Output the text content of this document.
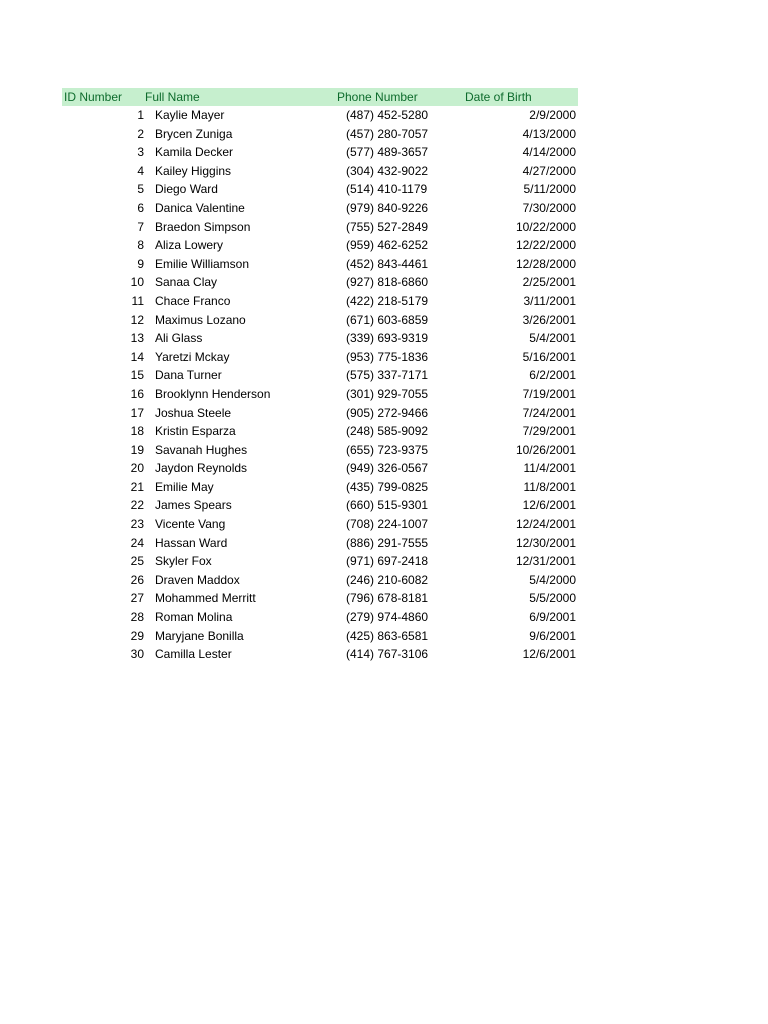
ID Number Full Name	Phone Number	Date of Birth
1 Kaylie Mayer	(487) 452-5280	2/9/2000
2 Brycen Zuniga	(457) 280-7057	4/13/2000
3 Kamila Decker	(577) 489-3657	4/14/2000
4 Kailey Higgins	(304) 432-9022	4/27/2000
5 Diego Ward	(514) 410-1179	5/11/2000
6 Danica Valentine	(979) 840-9226	7/30/2000
7 Braedon Simpson	(755) 527-2849	10/22/2000
8 Aliza Lowery	(959) 462-6252	12/22/2000
9 Emilie Williamson	(452) 843-4461	12/28/2000
10 Sanaa Clay	(927) 818-6860	2/25/2001
11 Chace Franco	(422) 218-5179	3/11/2001
12 Maximus Lozano	(671) 603-6859	3/26/2001
13 Ali Glass	(339) 693-9319	5/4/2001
14 Yaretzi Mckay	(953) 775-1836	5/16/2001
15 Dana Turner	(575) 337-7171	6/2/2001
16 Brooklynn Henderson	(301) 929-7055	7/19/2001
17 Joshua Steele	(905) 272-9466	7/24/2001
18 Kristin Esparza	(248) 585-9092	7/29/2001
19 Savanah Hughes	(655) 723-9375	10/26/2001
20 Jaydon Reynolds	(949) 326-0567	11/4/2001
21 Emilie May	(435) 799-0825	11/8/2001
22 James Spears	(660) 515-9301	12/6/2001
23 Vicente Vang	(708) 224-1007	12/24/2001
24 Hassan Ward	(886) 291-7555	12/30/2001
25 Skyler Fox	(971) 697-2418	12/31/2001
26 Draven Maddox	(246) 210-6082	5/4/2000
27 Mohammed Merritt	(796) 678-8181	5/5/2000
28 Roman Molina	(279) 974-4860	6/9/2001
29 Maryjane Bonilla	(425) 863-6581	9/6/2001
30 Camilla Lester	(414) 767-3106	12/6/2001
